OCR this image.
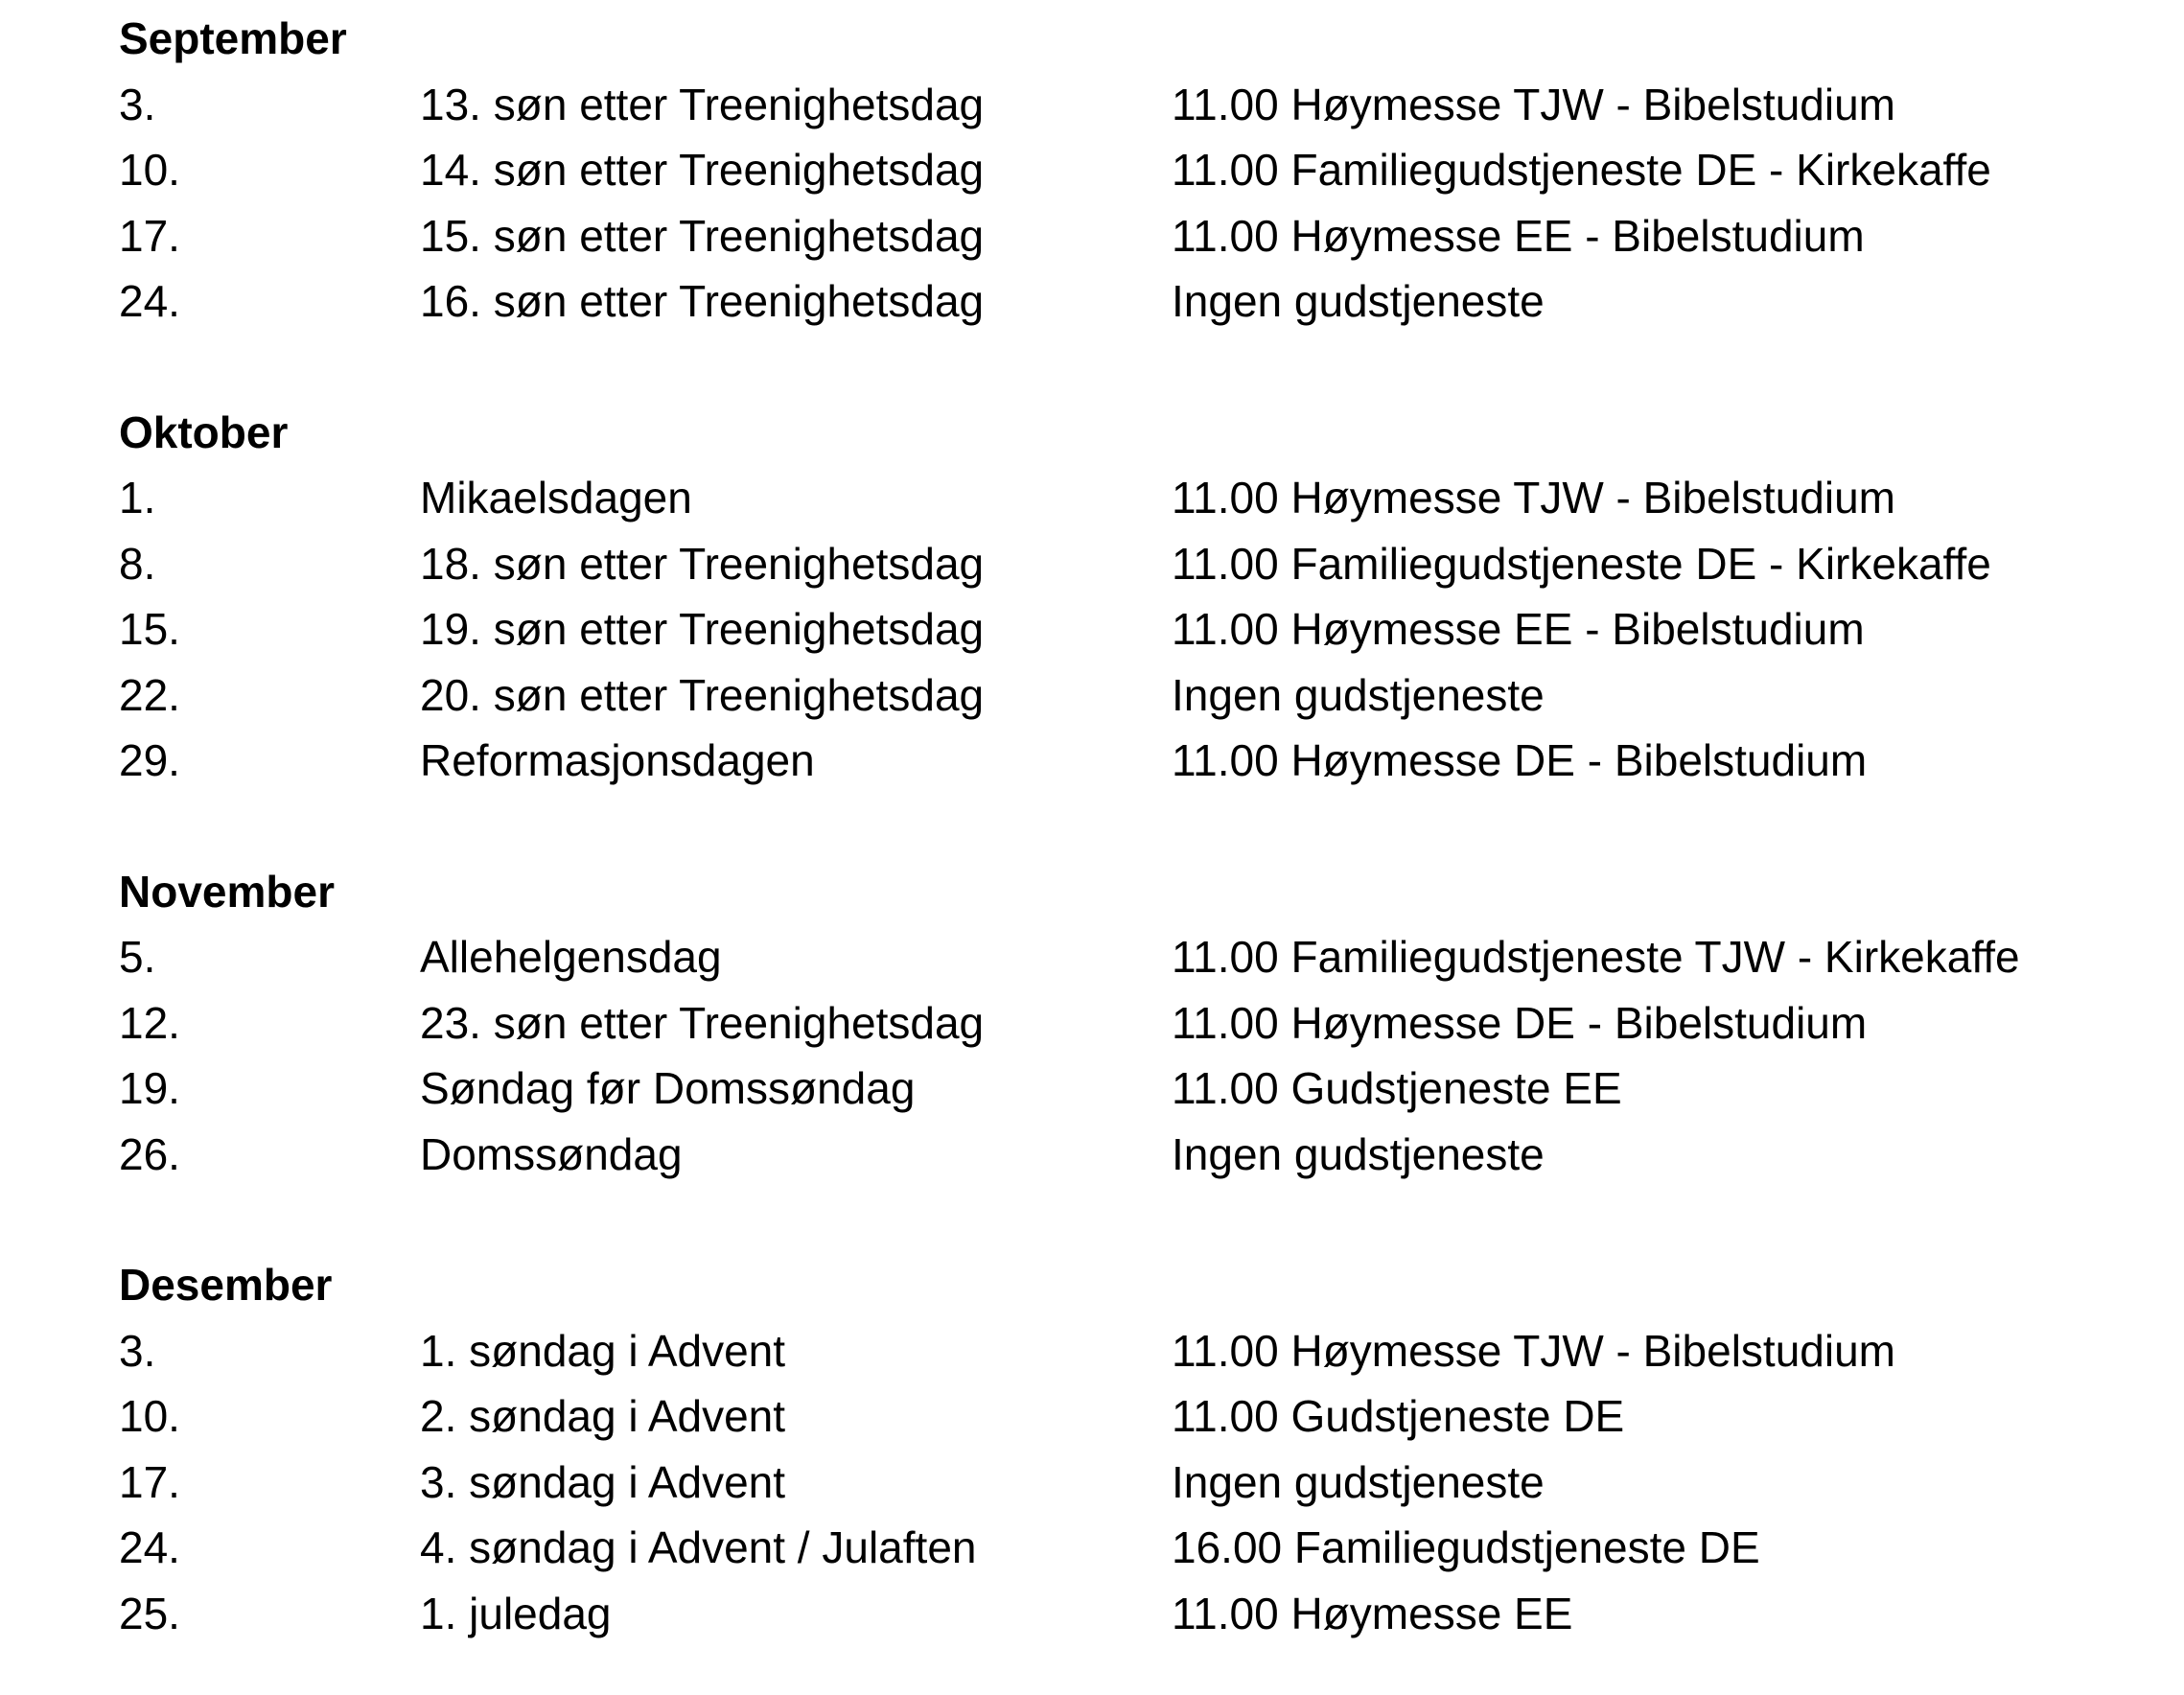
September
3.	13. søn etter Treenighetsdag	11.00 Høymesse TJW - Bibelstudium
10.	14. søn etter Treenighetsdag	11.00 Familiegudstjeneste DE - Kirkekaffe
17.	15. søn etter Treenighetsdag	11.00 Høymesse EE - Bibelstudium
24.	16. søn etter Treenighetsdag	Ingen gudstjeneste
Oktober
1.	Mikaelsdagen	11.00 Høymesse TJW - Bibelstudium
8.	18. søn etter Treenighetsdag	11.00 Familiegudstjeneste DE - Kirkekaffe
15.	19. søn etter Treenighetsdag	11.00 Høymesse EE - Bibelstudium
22.	20. søn etter Treenighetsdag	Ingen gudstjeneste
29.	Reformasjonsdagen	11.00 Høymesse DE - Bibelstudium
November
5.	Allehelgensdag	11.00 Familiegudstjeneste TJW - Kirkekaffe
12.	23. søn etter Treenighetsdag	11.00 Høymesse DE - Bibelstudium
19.	Søndag før Domssøndag	11.00 Gudstjeneste EE
26.	Domssøndag	Ingen gudstjeneste
Desember
3.	1. søndag i Advent	11.00 Høymesse TJW - Bibelstudium
10.	2. søndag i Advent	11.00 Gudstjeneste DE
17.	3. søndag i Advent	Ingen gudstjeneste
24.	4. søndag i Advent / Julaften	16.00 Familiegudstjeneste DE
25.	1. juledag	11.00 Høymesse EE
